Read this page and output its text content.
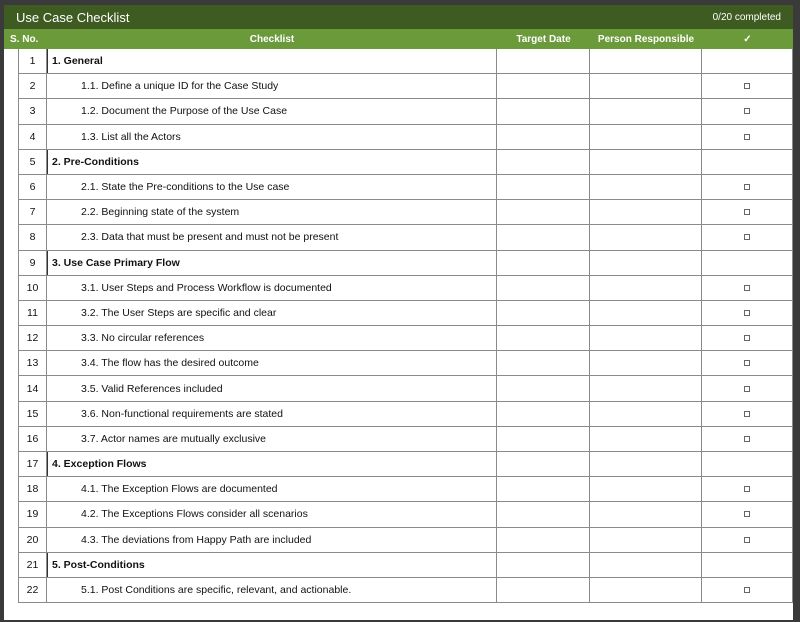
Use Case Checklist	0/20 completed
S. No.	Checklist	Target Date	Person Responsible	✓
1	1. General
2	1.1. Define a unique ID for the Case Study
3	1.2. Document the Purpose of the Use Case
4	1.3. List all the Actors
5	2. Pre-Conditions
6	2.1. State the Pre-conditions to the Use case
7	2.2. Beginning state of the system
8	2.3. Data that must be present and must not be present
9	3. Use Case Primary Flow
10	3.1. User Steps and Process Workflow is documented
11	3.2. The User Steps are specific and clear
12	3.3. No circular references
13	3.4. The flow has the desired outcome
14	3.5. Valid References included
15	3.6. Non-functional requirements are stated
16	3.7. Actor names are mutually exclusive
17	4. Exception Flows
18	4.1. The Exception Flows are documented
19	4.2. The Exceptions Flows consider all scenarios
20	4.3. The deviations from Happy Path are included
21	5. Post-Conditions
22	5.1. Post Conditions are specific, relevant, and actionable.
